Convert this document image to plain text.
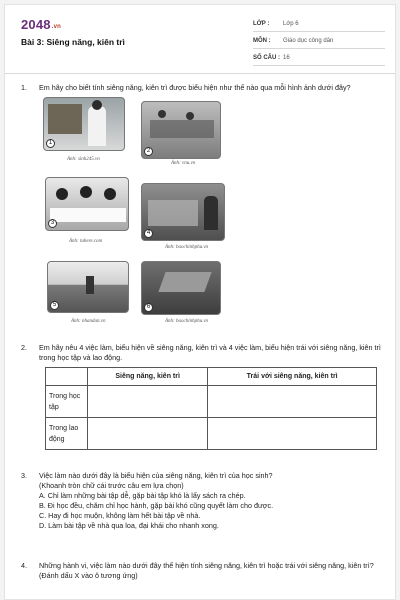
2048.vn
Bài 3: Siêng năng, kiên trì
LỚP : Lớp 6
MÔN : Giáo dục công dân
SỐ CÂU : 16
1. Em hãy cho biết tính siêng năng, kiên trì được biểu hiện như thế nào qua mỗi hình ảnh dưới đây?
1
Ảnh: sinh245.vn
2
Ảnh: vnu.vn
3
Ảnh: tuhere.com
4
Ảnh: baochinhphu.vn
5
Ảnh: nhandan.vn
6
Ảnh: baochinhphu.vn
2. Em hãy nêu 4 việc làm, biểu hiện về siêng năng, kiên trì và 4 việc làm, biểu hiện trái với siêng năng, kiên trì trong học tập và lao động.
	Siêng năng, kiên trì	Trái với siêng năng, kiên trì
Trong học tập		
Trong lao động		
3. Việc làm nào dưới đây là biểu hiện của siêng năng, kiên trì của học sinh?
(Khoanh tròn chữ cái trước câu em lựa chọn)
A. Chỉ làm những bài tập dễ, gặp bài tập khó là lấy sách ra chép.
B. Đi học đều, chăm chỉ học hành, gặp bài khó cũng quyết làm cho được.
C. Hay đi học muộn, không làm hết bài tập về nhà.
D. Làm bài tập về nhà qua loa, đại khái cho nhanh xong.
4. Những hành vi, việc làm nào dưới đây thể hiện tính siêng năng, kiên trì hoặc trái với siêng năng, kiên trì?
(Đánh dấu X vào ô tương ứng)
